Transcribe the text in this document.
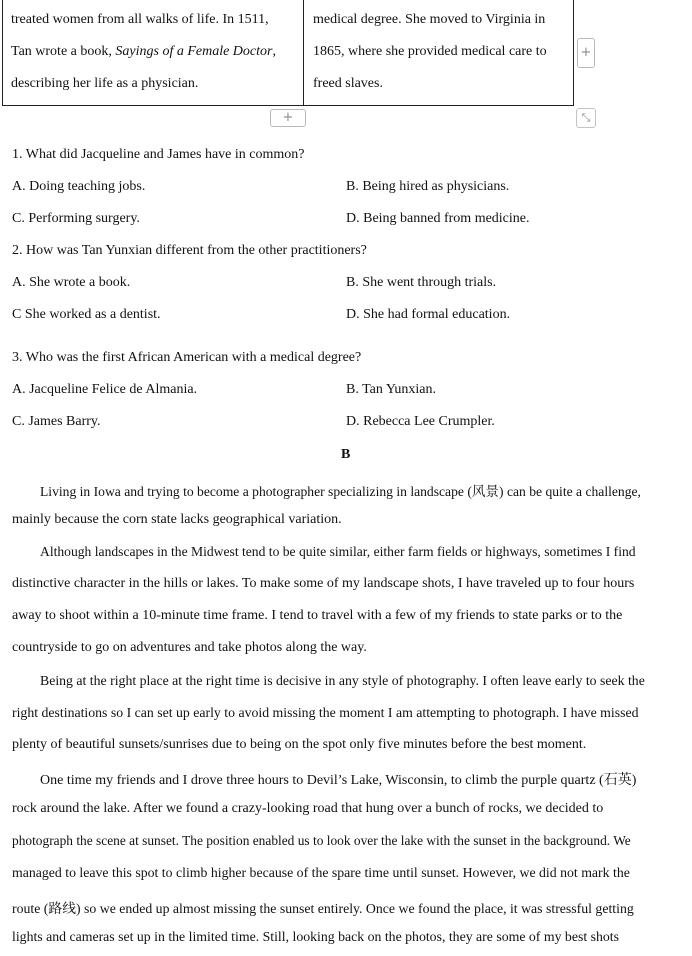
treated women from all walks of life. In 1511,
Tan wrote a book, Sayings of a Female Doctor,
describing her life as a physician.
medical degree. She moved to Virginia in
1865, where she provided medical care to
freed slaves.
+
+	⤡
1. What did Jacqueline and James have in common?
A. Doing teaching jobs.	B. Being hired as physicians.
C. Performing surgery.	D. Being banned from medicine.
2. How was Tan Yunxian different from the other practitioners?
A. She wrote a book.	B. She went through trials.
C She worked as a dentist.	D. She had formal education.
3. Who was the first African American with a medical degree?
A. Jacqueline Felice de Almania.	B. Tan Yunxian.
C. James Barry.	D. Rebecca Lee Crumpler.
B
Living in Iowa and trying to become a photographer specializing in landscape (风景) can be quite a challenge,
mainly because the corn state lacks geographical variation.
Although landscapes in the Midwest tend to be quite similar, either farm fields or highways, sometimes I find
distinctive character in the hills or lakes. To make some of my landscape shots, I have traveled up to four hours
away to shoot within a 10-minute time frame. I tend to travel with a few of my friends to state parks or to the
countryside to go on adventures and take photos along the way.
Being at the right place at the right time is decisive in any style of photography. I often leave early to seek the
right destinations so I can set up early to avoid missing the moment I am attempting to photograph. I have missed
plenty of beautiful sunsets/sunrises due to being on the spot only five minutes before the best moment.
One time my friends and I drove three hours to Devil’s Lake, Wisconsin, to climb the purple quartz (石英)
rock around the lake. After we found a crazy-looking road that hung over a bunch of rocks, we decided to
photograph the scene at sunset. The position enabled us to look over the lake with the sunset in the background. We
managed to leave this spot to climb higher because of the spare time until sunset. However, we did not mark the
route (路线) so we ended up almost missing the sunset entirely. Once we found the place, it was stressful getting
lights and cameras set up in the limited time. Still, looking back on the photos, they are some of my best shots
